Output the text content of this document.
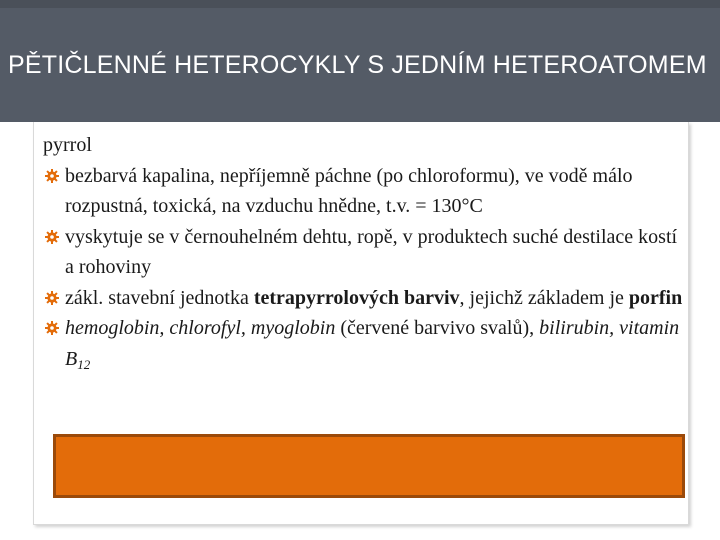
PĚTIČLENNÉ HETEROCYKLY S JEDNÍM HETEROATOMEM

pyrrol

bezbarvá kapalina, nepříjemně páchne (po chloroformu), ve vodě málo rozpustná, toxická, na vzduchu hnědne, t.v. = 130°C

vyskytuje se v černouhelném dehtu, ropě, v produktech suché destilace kostí a rohoviny

zákl. stavební jednotka tetrapyrrolových barviv, jejichž základem je porfin

hemoglobin, chlorofyl, myoglobin (červené barvivo svalů), bilirubin, vitamin $B_{12}$
